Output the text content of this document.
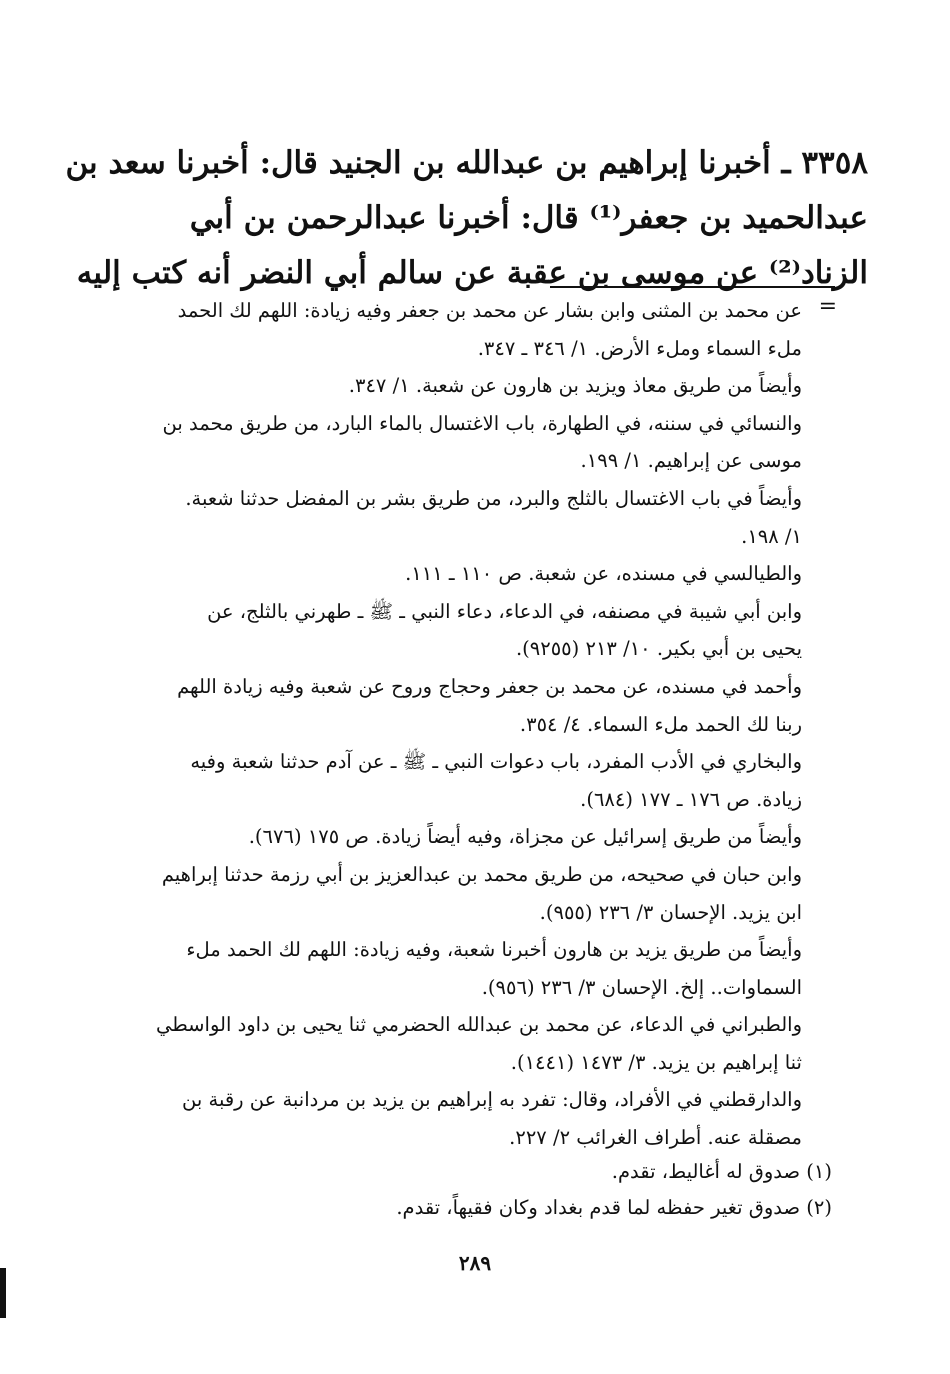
٣٣٥٨ ـ أخبرنا إبراهيم بن عبدالله بن الجنيد قال: أخبرنا سعد بن
عبدالحميد بن جعفر⁽¹⁾ قال: أخبرنا عبدالرحمن بن أبي
الزناد⁽²⁾ عن موسى بن عقبة عن سالم أبي النضر أنه كتب إليه
=
عن محمد بن المثنى وابن بشار عن محمد بن جعفر وفيه زيادة: اللهم لك الحمد
ملء السماء وملء الأرض. ١/ ٣٤٦ ـ ٣٤٧.
وأيضاً من طريق معاذ ويزيد بن هارون عن شعبة. ١/ ٣٤٧.
والنسائي في سننه، في الطهارة، باب الاغتسال بالماء البارد، من طريق محمد بن
موسى عن إبراهيم. ١/ ١٩٩.
وأيضاً في باب الاغتسال بالثلج والبرد، من طريق بشر بن المفضل حدثنا شعبة.
١/ ١٩٨.
والطيالسي في مسنده، عن شعبة. ص ١١٠ ـ ١١١.
وابن أبي شيبة في مصنفه، في الدعاء، دعاء النبي ـ ﷺ ـ طهرني بالثلج، عن
يحيى بن أبي بكير. ١٠/ ٢١٣ (٩٢٥٥).
وأحمد في مسنده، عن محمد بن جعفر وحجاج وروح عن شعبة وفيه زيادة اللهم
ربنا لك الحمد ملء السماء. ٤/ ٣٥٤.
والبخاري في الأدب المفرد، باب دعوات النبي ـ ﷺ ـ عن آدم حدثنا شعبة وفيه
زيادة. ص ١٧٦ ـ ١٧٧ (٦٨٤).
وأيضاً من طريق إسرائيل عن مجزاة، وفيه أيضاً زيادة. ص ١٧٥ (٦٧٦).
وابن حبان في صحيحه، من طريق محمد بن عبدالعزيز بن أبي رزمة حدثنا إبراهيم
ابن يزيد. الإحسان ٣/ ٢٣٦ (٩٥٥).
وأيضاً من طريق يزيد بن هارون أخبرنا شعبة، وفيه زيادة: اللهم لك الحمد ملء
السماوات.. إلخ. الإحسان ٣/ ٢٣٦ (٩٥٦).
والطبراني في الدعاء، عن محمد بن عبدالله الحضرمي ثنا يحيى بن داود الواسطي
ثنا إبراهيم بن يزيد. ٣/ ١٤٧٣ (١٤٤١).
والدارقطني في الأفراد، وقال: تفرد به إبراهيم بن يزيد بن مردانبة عن رقبة بن
مصقلة عنه. أطراف الغرائب ٢/ ٢٢٧.
(١) صدوق له أغاليط، تقدم.
(٢) صدوق تغير حفظه لما قدم بغداد وكان فقيهاً، تقدم.
٢٨٩
